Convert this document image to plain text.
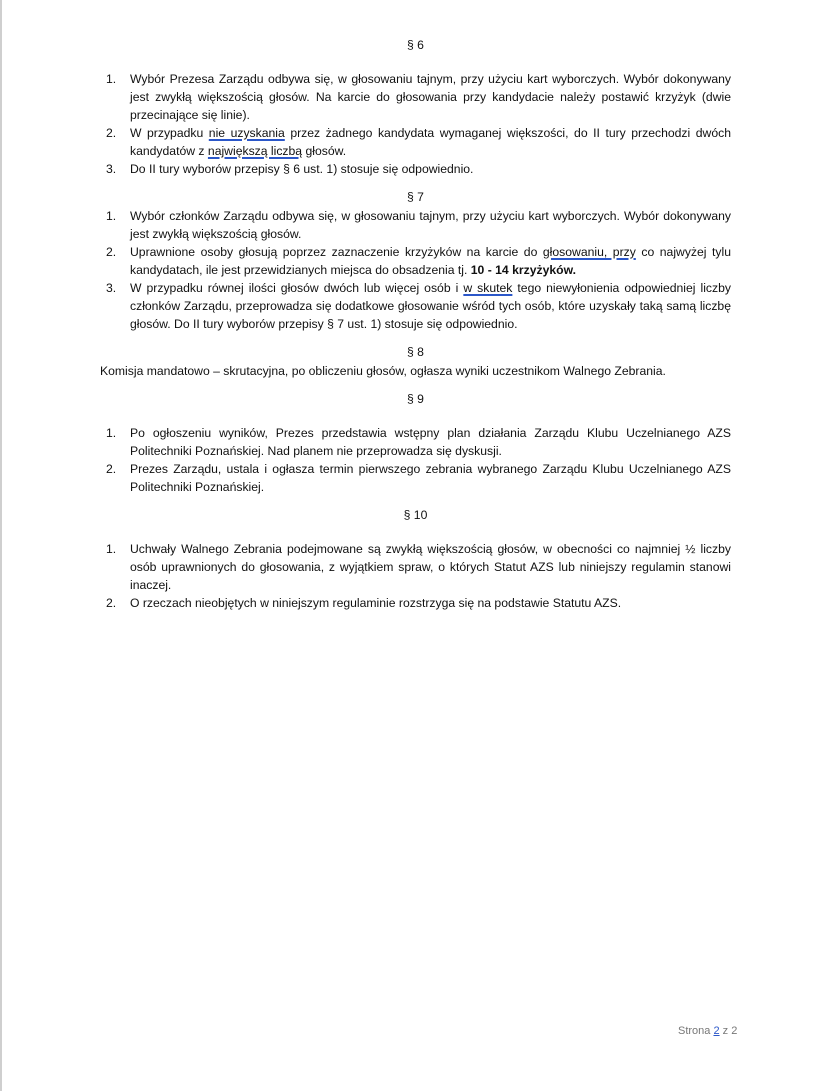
§ 6
1.	Wybór Prezesa Zarządu odbywa się, w głosowaniu tajnym, przy użyciu kart wyborczych. Wybór dokonywany jest zwykłą większością głosów. Na karcie do głosowania przy kandydacie należy postawić krzyżyk (dwie przecinające się linie).
2.	W przypadku nie uzyskania przez żadnego kandydata wymaganej większości, do II tury przechodzi dwóch kandydatów z największą liczbą głosów.
3.	Do II tury wyborów przepisy § 6 ust. 1) stosuje się odpowiednio.
§ 7
1.	Wybór członków Zarządu odbywa się, w głosowaniu tajnym, przy użyciu kart wyborczych. Wybór dokonywany jest zwykłą większością głosów.
2.	Uprawnione osoby głosują poprzez zaznaczenie krzyżyków na karcie do głosowaniu, przy co najwyżej tylu kandydatach, ile jest przewidzianych miejsca do obsadzenia tj. 10 - 14 krzyżyków.
3.	W przypadku równej ilości głosów dwóch lub więcej osób i w skutek tego niewyłonienia odpowiedniej liczby członków Zarządu, przeprowadza się dodatkowe głosowanie wśród tych osób, które uzyskały taką samą liczbę głosów. Do II tury wyborów przepisy § 7 ust. 1) stosuje się odpowiednio.
§ 8

Komisja mandatowo – skrutacyjna, po obliczeniu głosów, ogłasza wyniki uczestnikom Walnego Zebrania.

§ 9
1.	Po ogłoszeniu wyników, Prezes przedstawia wstępny plan działania Zarządu Klubu Uczelnianego AZS Politechniki Poznańskiej. Nad planem nie przeprowadza się dyskusji.
2.	Prezes Zarządu, ustala i ogłasza termin pierwszego zebrania wybranego Zarządu Klubu Uczelnianego AZS Politechniki Poznańskiej.
§ 10
1.	Uchwały Walnego Zebrania podejmowane są zwykłą większością głosów, w obecności co najmniej ½ liczby osób uprawnionych do głosowania, z wyjątkiem spraw, o których Statut AZS lub niniejszy regulamin stanowi inaczej.
2.	O rzeczach nieobjętych w niniejszym regulaminie rozstrzyga się na podstawie Statutu AZS.
Strona 2 z 2
